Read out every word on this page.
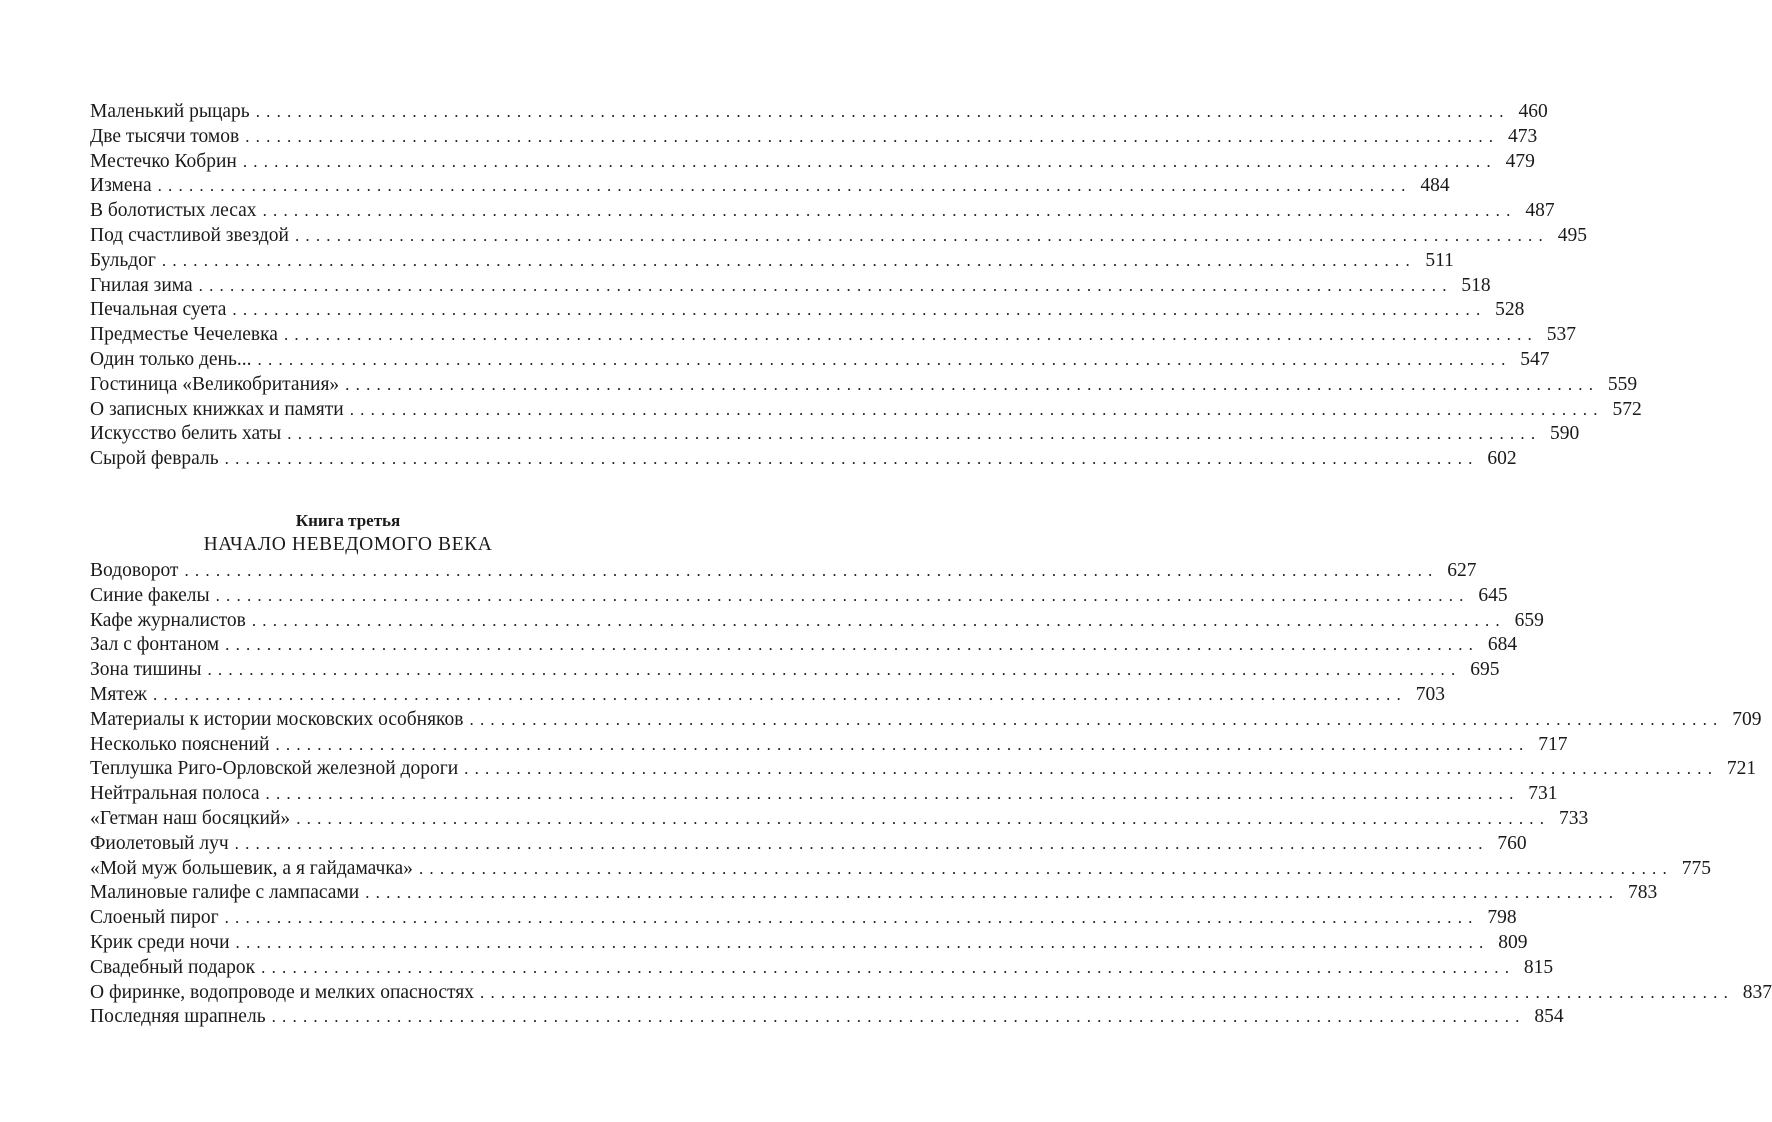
Маленький рыцарь ........................................................................................................................ 460
Две тысячи томов ........................................................................................................................ 473
Местечко Кобрин ........................................................................................................................ 479
Измена ........................................................................................................................ 484
В болотистых лесах ........................................................................................................................ 487
Под счастливой звездой ........................................................................................................................ 495
Бульдог ........................................................................................................................ 511
Гнилая зима ........................................................................................................................ 518
Печальная суета ........................................................................................................................ 528
Предместье Чечелевка ........................................................................................................................ 537
Один только день... ........................................................................................................................ 547
Гостиница «Великобритания» ........................................................................................................................ 559
О записных книжках и памяти ........................................................................................................................ 572
Искусство белить хаты ........................................................................................................................ 590
Сырой февраль ........................................................................................................................ 602
Книга третья
НАЧАЛО НЕВЕДОМОГО ВЕКА
Водоворот ........................................................................................................................ 627
Синие факелы ........................................................................................................................ 645
Кафе журналистов ........................................................................................................................ 659
Зал с фонтаном ........................................................................................................................ 684
Зона тишины ........................................................................................................................ 695
Мятеж ........................................................................................................................ 703
Материалы к истории московских особняков ........................................................................................................................ 709
Несколько пояснений ........................................................................................................................ 717
Теплушка Риго-Орловской железной дороги ........................................................................................................................ 721
Нейтральная полоса ........................................................................................................................ 731
«Гетман наш босяцкий» ........................................................................................................................ 733
Фиолетовый луч ........................................................................................................................ 760
«Мой муж большевик, а я гайдамачка» ........................................................................................................................ 775
Малиновые галифе с лампасами ........................................................................................................................ 783
Слоеный пирог ........................................................................................................................ 798
Крик среди ночи ........................................................................................................................ 809
Свадебный подарок ........................................................................................................................ 815
О фиринке, водопроводе и мелких опасностях ........................................................................................................................ 837
Последняя шрапнель ........................................................................................................................ 854
